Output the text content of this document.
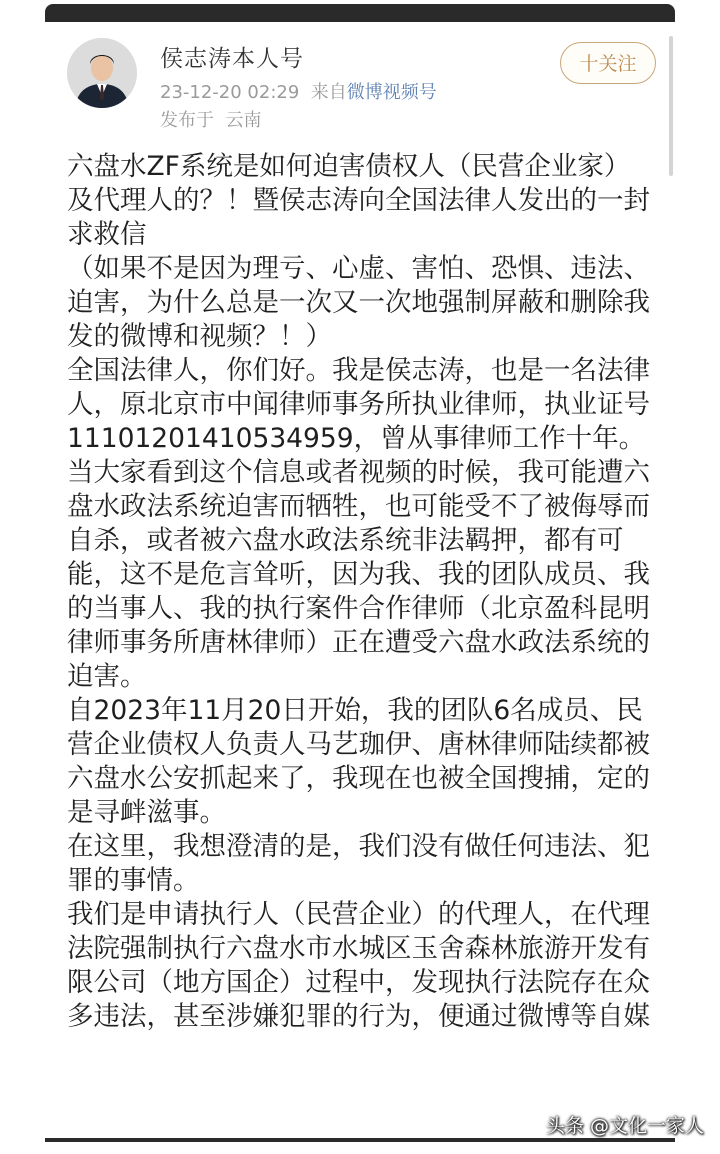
侯志涛本人号
23-12-20 02:29 来自微博视频号
发布于 云南
十关注

六盘水ZF系统是如何迫害债权人（民营企业家）及代理人的？！暨侯志涛向全国法律人发出的一封求救信

（如果不是因为理亏、心虚、害怕、恐惧、违法、迫害，为什么总是一次又一次地强制屏蔽和删除我发的微博和视频？！）

全国法律人，你们好。我是侯志涛，也是一名法律人，原北京市中闻律师事务所执业律师，执业证号11101201410534959，曾从事律师工作十年。

当大家看到这个信息或者视频的时候，我可能遭六盘水政法系统迫害而牺牲，也可能受不了被侮辱而自杀，或者被六盘水政法系统非法羁押，都有可能，这不是危言耸听，因为我、我的团队成员、我的当事人、我的执行案件合作律师（北京盈科昆明律师事务所唐林律师）正在遭受六盘水政法系统的迫害。

自2023年11月20日开始，我的团队6名成员、民营企业债权人负责人马艺珈伊、唐林律师陆续都被六盘水公安抓起来了，我现在也被全国搜捕，定的是寻衅滋事。

在这里，我想澄清的是，我们没有做任何违法、犯罪的事情。

我们是申请执行人（民营企业）的代理人，在代理法院强制执行六盘水市水城区玉舍森林旅游开发有限公司（地方国企）过程中，发现执行法院存在众多违法，甚至涉嫌犯罪的行为，便通过微博等自媒

头条 @文化一家人
